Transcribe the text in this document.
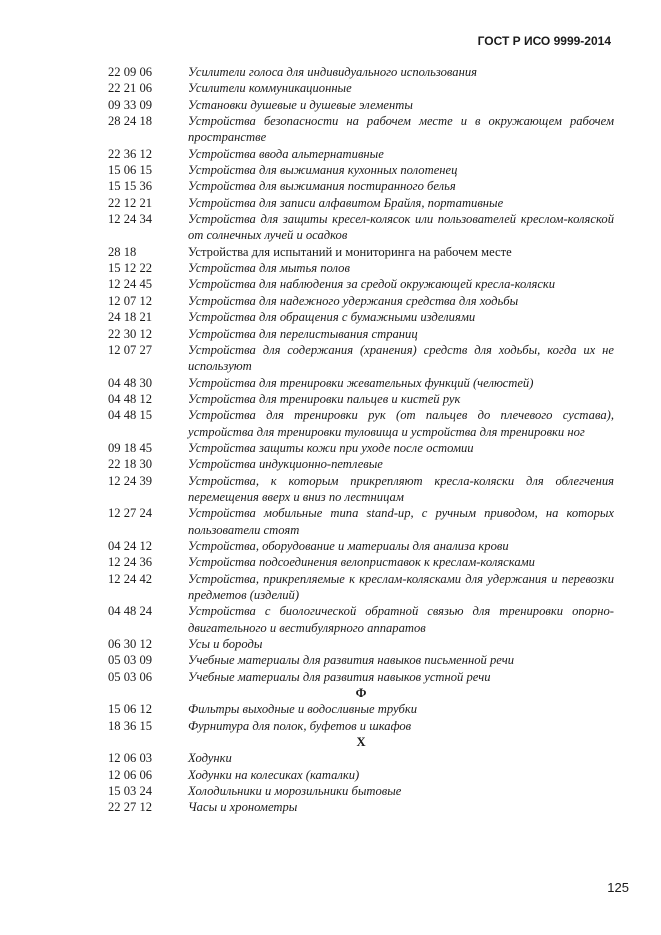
ГОСТ Р ИСО 9999-2014
22 09 06	Усилители голоса для индивидуального использования
22 21 06	Усилители коммуникационные
09 33 09	Установки душевые и душевые элементы
28 24 18	Устройства безопасности на рабочем месте и в окружающем рабочем пространстве
22 36 12	Устройства ввода альтернативные
15 06 15	Устройства для выжимания кухонных полотенец
15 15 36	Устройства для выжимания постиранного белья
22 12 21	Устройства для записи алфавитом Брайля, портативные
12 24 34	Устройства для защиты кресел-колясок или пользователей креслом-коляской от солнечных лучей и осадков
28 18	Устройства для испытаний и мониторинга на рабочем месте
15 12 22	Устройства для мытья полов
12 24 45	Устройства для наблюдения за средой окружающей кресла-коляски
12 07 12	Устройства для надежного удержания средства для ходьбы
24 18 21	Устройства для обращения с бумажными изделиями
22 30 12	Устройства для перелистывания страниц
12 07 27	Устройства для содержания (хранения) средств для ходьбы, когда их не используют
04 48 30	Устройства для тренировки жевательных функций (челюстей)
04 48 12	Устройства для тренировки пальцев и кистей рук
04 48 15	Устройства для тренировки рук (от пальцев до плечевого сустава), устройства для тренировки туловища и устройства для тренировки ног
09 18 45	Устройства защиты кожи при уходе после остомии
22 18 30	Устройства индукционно-петлевые
12 24 39	Устройства, к которым прикрепляют кресла-коляски для облегчения перемещения вверх и вниз по лестницам
12 27 24	Устройства мобильные типа stand-up, с ручным приводом, на которых пользователи стоят
04 24 12	Устройства, оборудование и материалы для анализа крови
12 24 36	Устройства подсоединения велоприставок к креслам-колясками
12 24 42	Устройства, прикрепляемые к креслам-колясками для удержания и перевозки предметов (изделий)
04 48 24	Устройства с биологической обратной связью для тренировки опорно-двигательного и вестибулярного аппаратов
06 30 12	Усы и бороды
05 03 09	Учебные материалы для развития навыков письменной речи
05 03 06	Учебные материалы для развития навыков устной речи
Ф
15 06 12	Фильтры выходные и водосливные трубки
18 36 15	Фурнитура для полок, буфетов и шкафов
Х
12 06 03	Ходунки
12 06 06	Ходунки на колесиках (каталки)
15 03 24	Холодильники и морозильники бытовые
22 27 12	Часы и хронометры
125
